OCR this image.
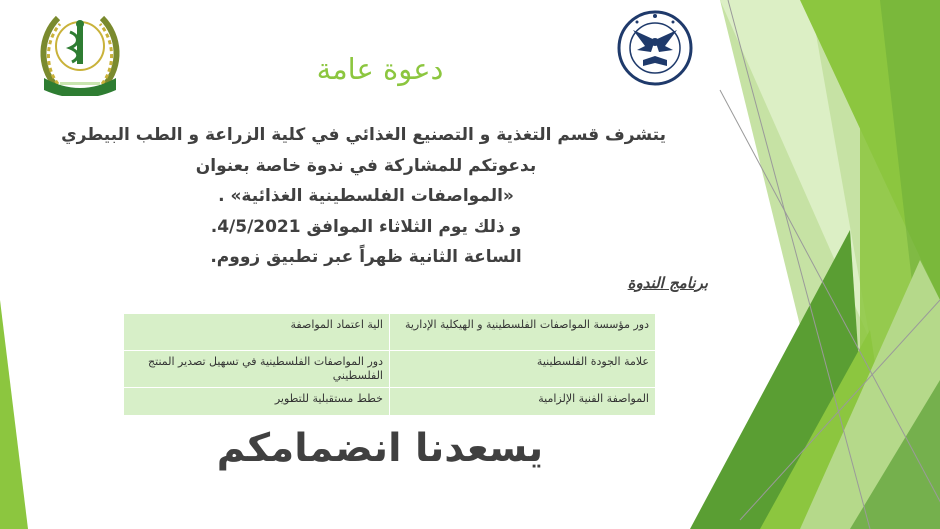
دعوة عامة
يتشرف قسم التغذية و التصنيع الغذائي في كلية الزراعة و الطب البيطري
بدعوتكم للمشاركة في ندوة خاصة بعنوان
«المواصفات الفلسطينية الغذائية» .
و ذلك يوم الثلاثاء الموافق 4/5/2021.
الساعة الثانية ظهراً عبر تطبيق زووم.
برنامج الندوة
دور مؤسسة المواصفات الفلسطينية و الهيكلية الإدارية	الية اعتماد المواصفة
علامة الجودة الفلسطينية	دور المواصفات الفلسطينية في تسهيل تصدير المنتج الفلسطيني
المواصفة الفنية الإلزامية	خطط مستقبلية للتطوير
يسعدنا انضمامكم
